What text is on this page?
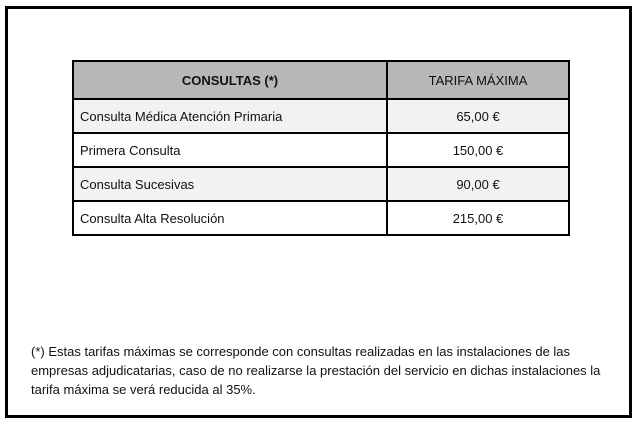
CONSULTAS (*)	TARIFA MÁXIMA
Consulta Médica Atención Primaria	65,00 €
Primera Consulta	150,00 €
Consulta Sucesivas	90,00 €
Consulta Alta Resolución	215,00 €

(*) Estas tarifas máximas se corresponde con consultas realizadas en las instalaciones de las empresas adjudicatarias, caso de no realizarse la prestación del servicio en dichas instalaciones la tarifa máxima se verá reducida al 35%.
